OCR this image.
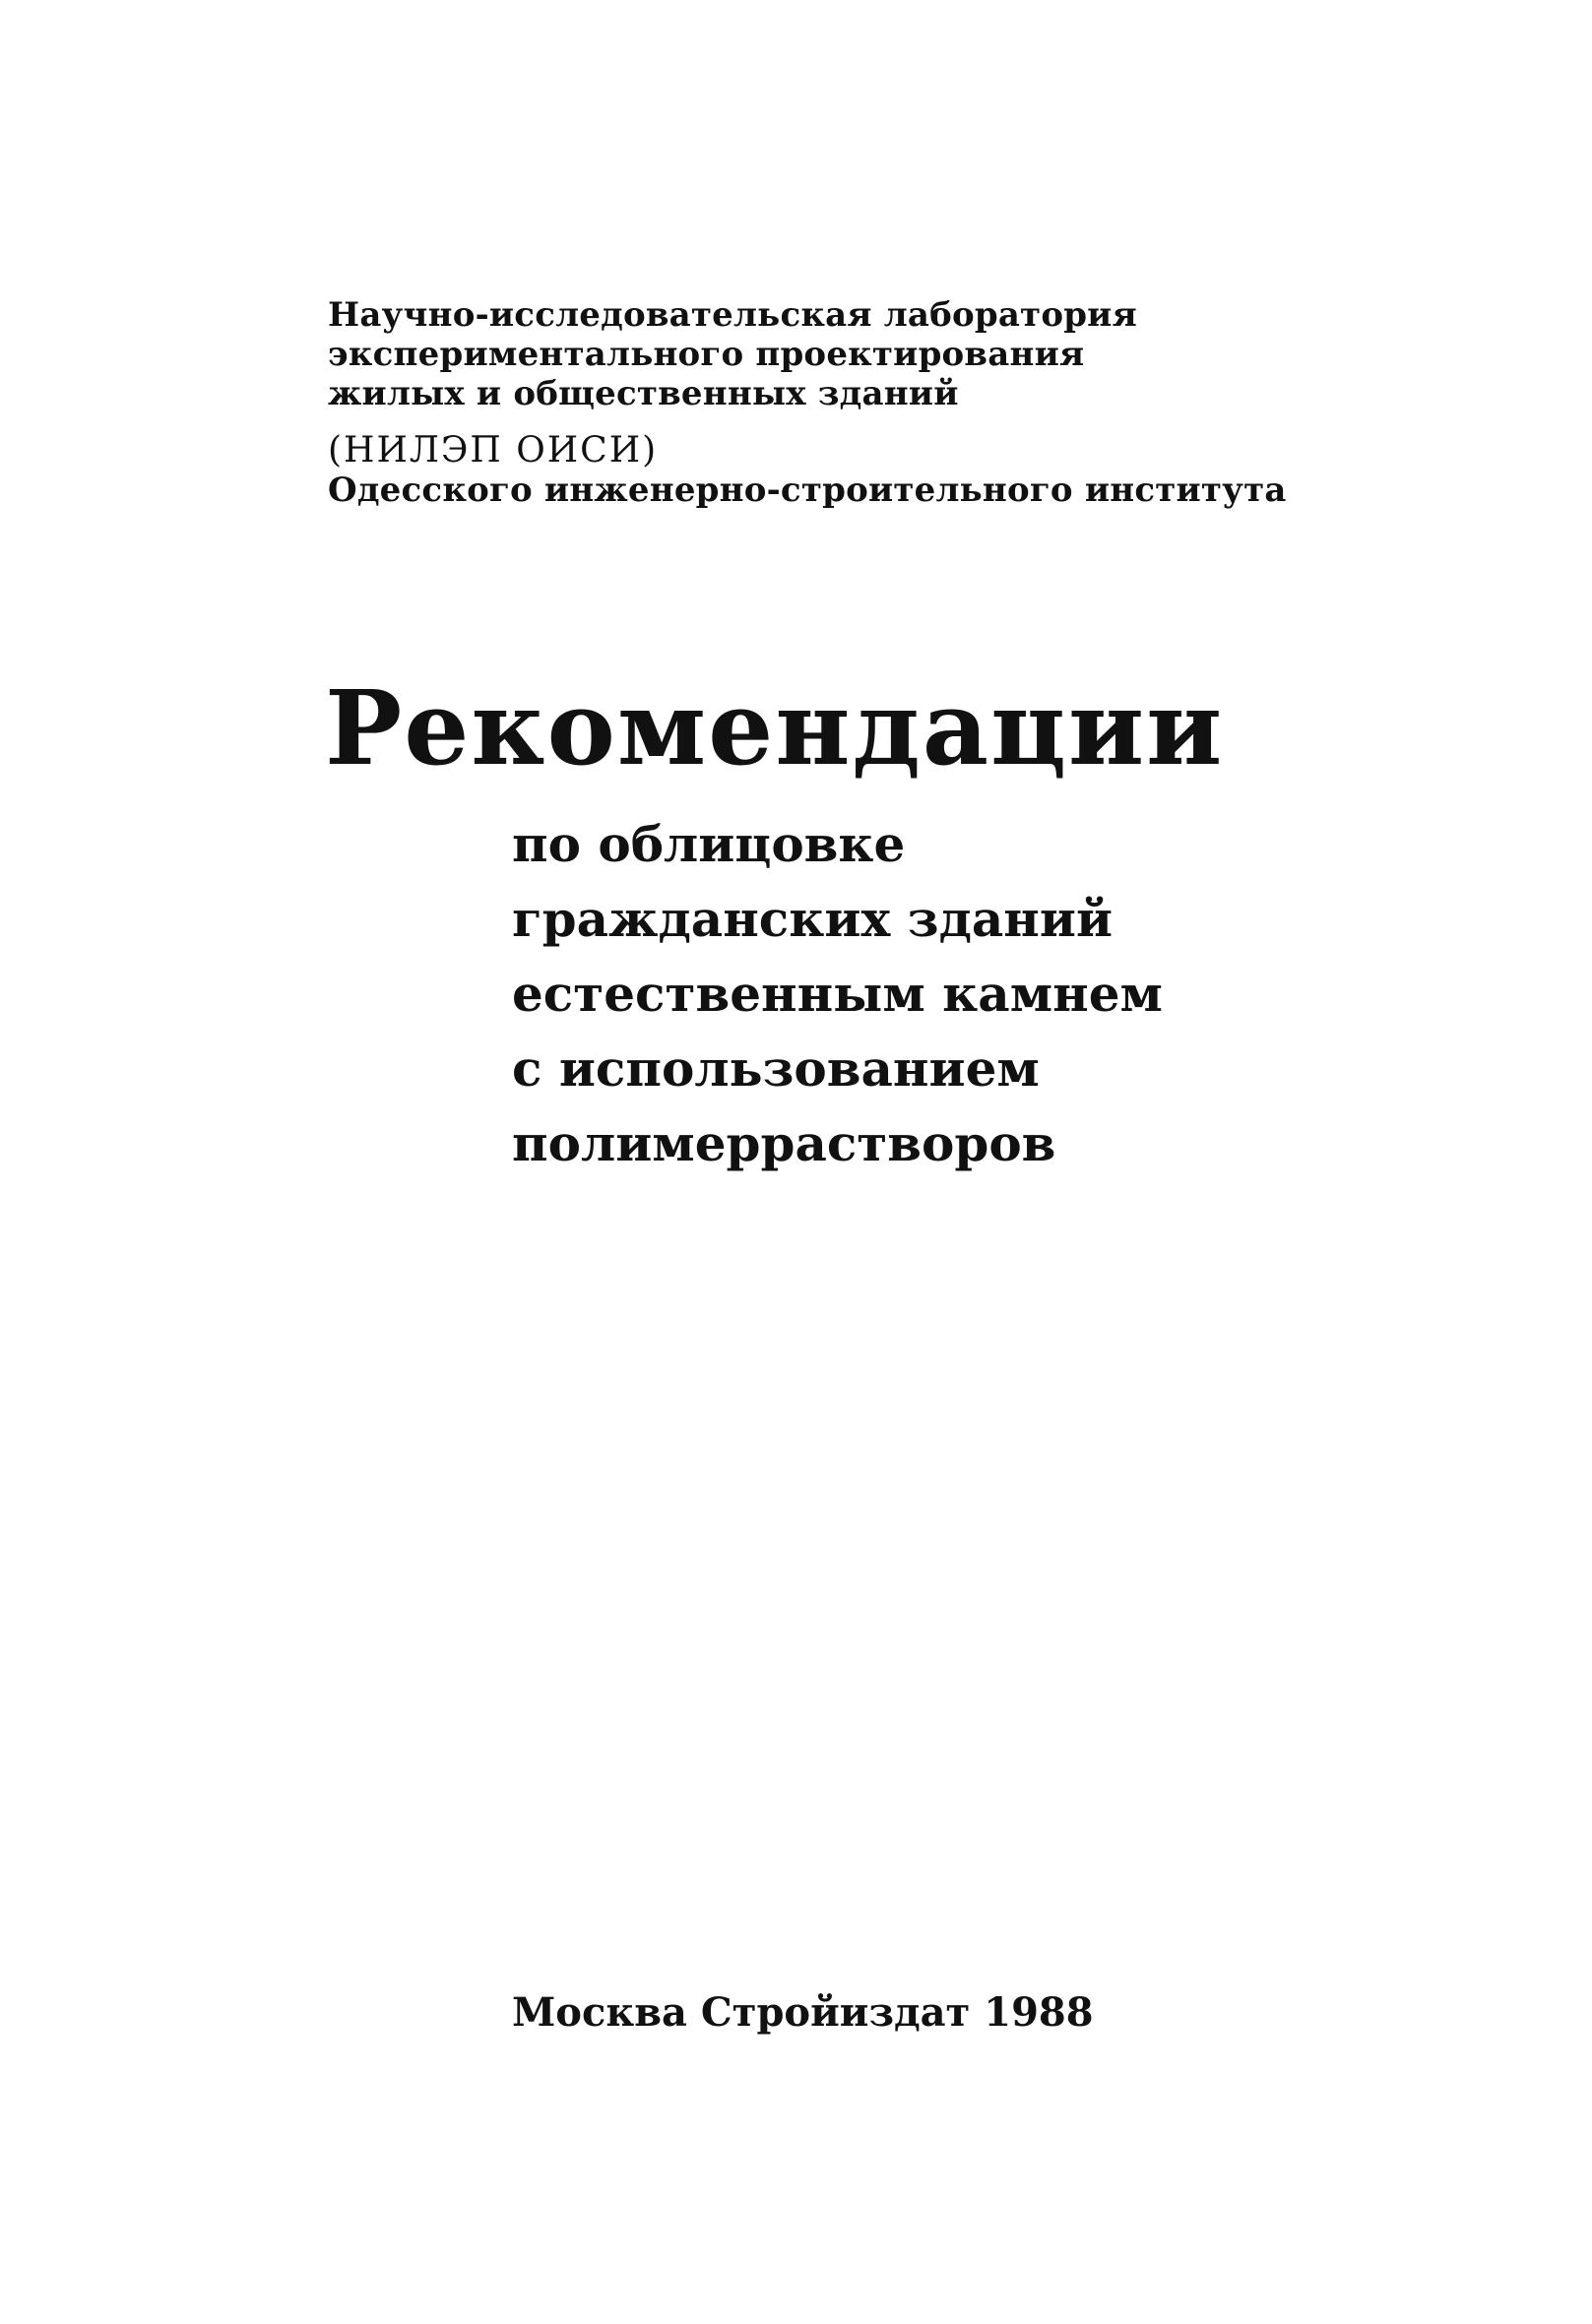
Научно-исследовательская лаборатория
экспериментального проектирования
жилых и общественных зданий
(НИЛЭП ОИСИ)
Одесского инженерно-строительного института
Рекомендации
по облицовке
гражданских зданий
естественным камнем
с использованием
полимеррастворов
Москва Стройиздат 1988
